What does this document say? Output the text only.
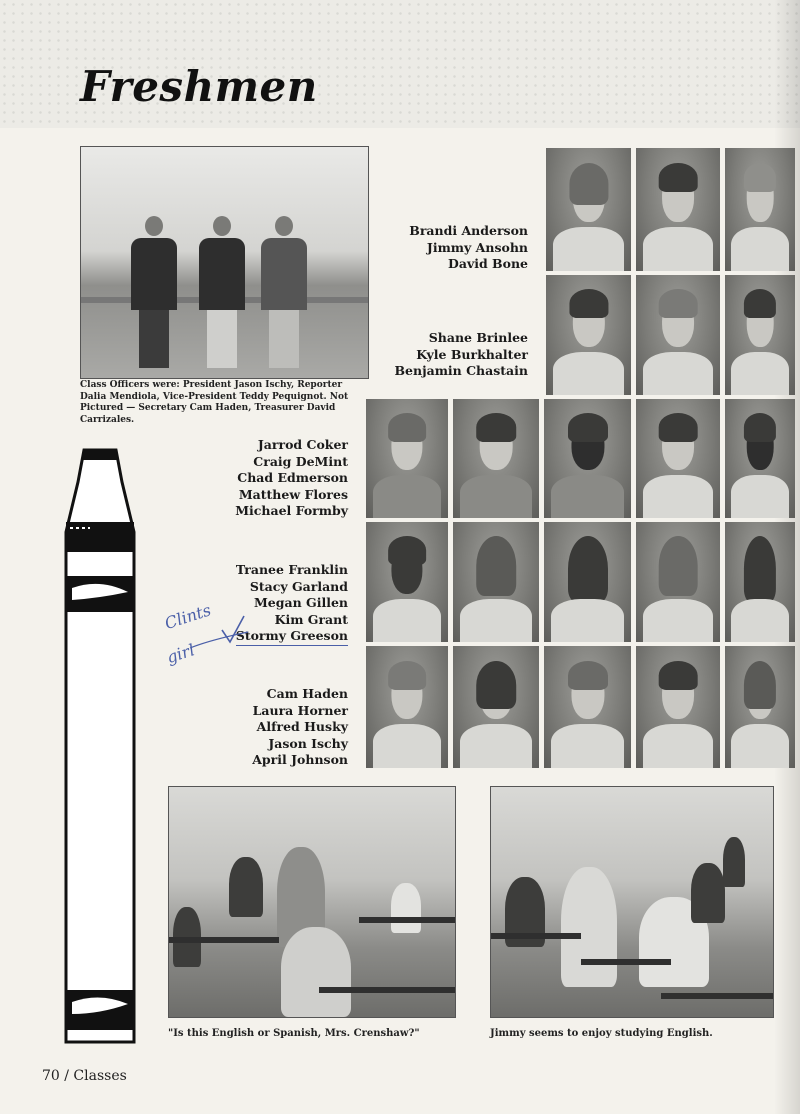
Freshmen
Class Officers were: President Jason Ischy, Reporter Dalia Mendiola, Vice-President Teddy Pequignot. Not Pictured — Secretary Cam Haden, Treasurer David Carrizales.
Brandi Anderson
Jimmy Ansohn
David Bone
Shane Brinlee
Kyle Burkhalter
Benjamin Chastain
Jarrod Coker
Craig DeMint
Chad Edmerson
Matthew Flores
Michael Formby
Tranee Franklin
Stacy Garland
Megan Gillen
Kim Grant
Stormy Greeson
Cam Haden
Laura Horner
Alfred Husky
Jason Ischy
April Johnson
Clints
girl
"Is this English or Spanish, Mrs. Crenshaw?"	Jimmy seems to enjoy studying English.
70 / Classes
